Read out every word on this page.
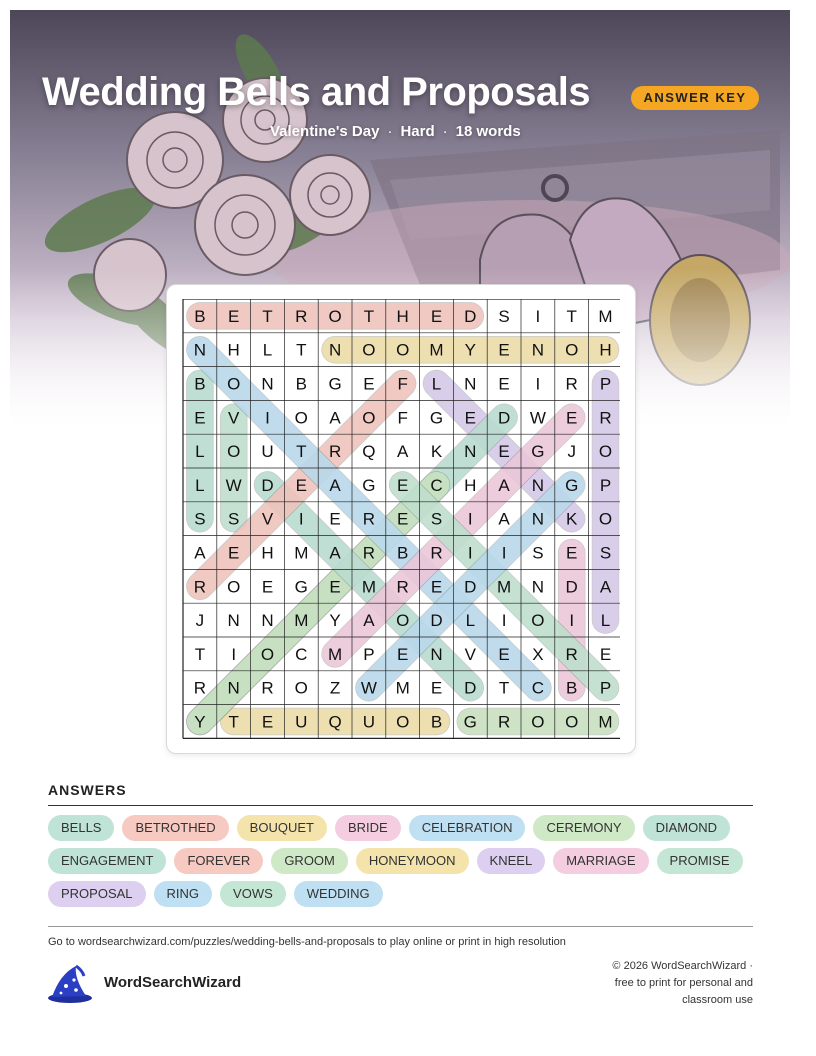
Wedding Bells and Proposals	ANSWER KEY
Valentine's Day · Hard · 18 words
B E T R O T H E D S I T M
N H L T N O O M Y E N O H
B O N B G E F L N E I R P
E V I O A O F G E D W E R
L O U T R Q A K N E G J O
L W D E A G E C H A N G P
S S V I E R E S I A N K O
A E H M A R B R I I S E S
R O E G E M R E D M N D A
J N N M Y A O D L I O I L
T I O C M P E N V E X R E
R N R O Z W M E D T C B P
Y T E U Q U O B G R O O M
ANSWERS
BELLS	BETROTHED	BOUQUET	BRIDE	CELEBRATION	CEREMONY	DIAMOND
ENGAGEMENT	FOREVER	GROOM	HONEYMOON	KNEEL	MARRIAGE	PROMISE
PROPOSAL	RING	VOWS	WEDDING
Go to wordsearchwizard.com/puzzles/wedding-bells-and-proposals to play online or print in high resolution
WordSearchWizard
© 2026 WordSearchWizard ·
free to print for personal and
classroom use
